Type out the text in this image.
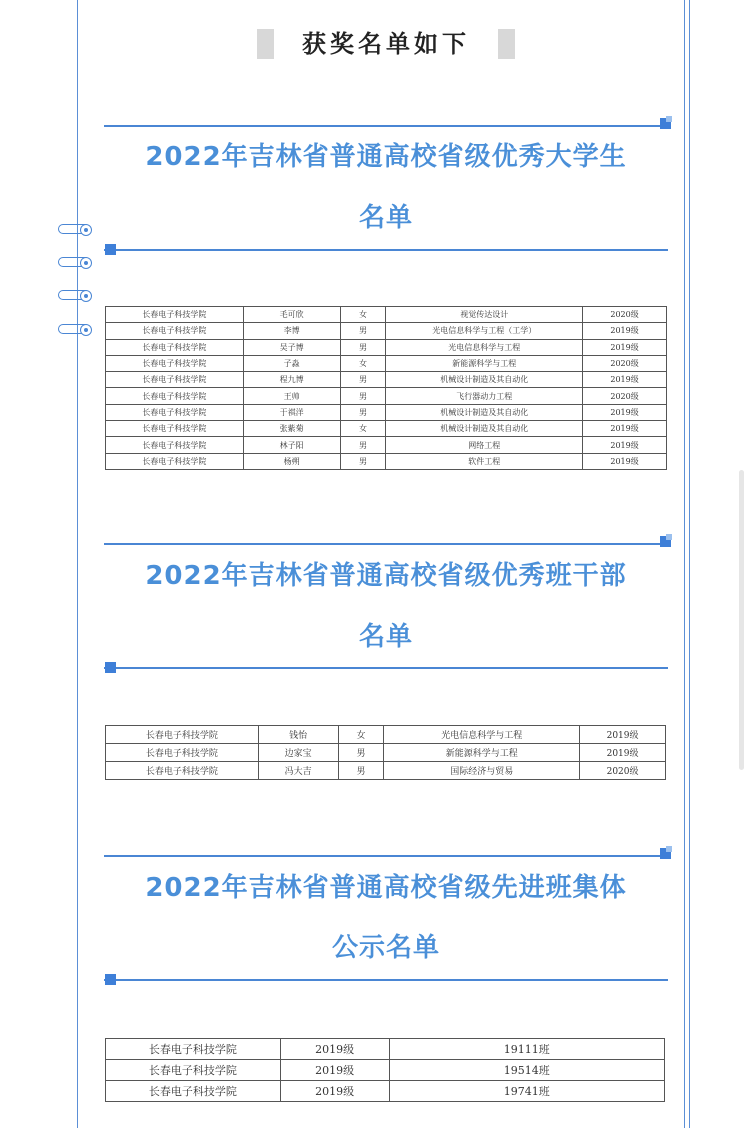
获奖名单如下
2022年吉林省普通高校省级优秀大学生
名单
长春电子科技学院	毛可欣	女	视觉传达设计	2020级
长春电子科技学院	李博	男	光电信息科学与工程（工学）	2019级
长春电子科技学院	吴子博	男	光电信息科学与工程	2019级
长春电子科技学院	子淼	女	新能源科学与工程	2020级
长春电子科技学院	程九博	男	机械设计制造及其自动化	2019级
长春电子科技学院	王帅	男	飞行器动力工程	2020级
长春电子科技学院	于祺洋	男	机械设计制造及其自动化	2019级
长春电子科技学院	张紫菊	女	机械设计制造及其自动化	2019级
长春电子科技学院	林子阳	男	网络工程	2019级
长春电子科技学院	杨朔	男	软件工程	2019级
2022年吉林省普通高校省级优秀班干部
名单
长春电子科技学院	钱怡	女	光电信息科学与工程	2019级
长春电子科技学院	边家宝	男	新能源科学与工程	2019级
长春电子科技学院	冯大吉	男	国际经济与贸易	2020级
2022年吉林省普通高校省级先进班集体
公示名单
长春电子科技学院	2019级	19111班
长春电子科技学院	2019级	19514班
长春电子科技学院	2019级	19741班
